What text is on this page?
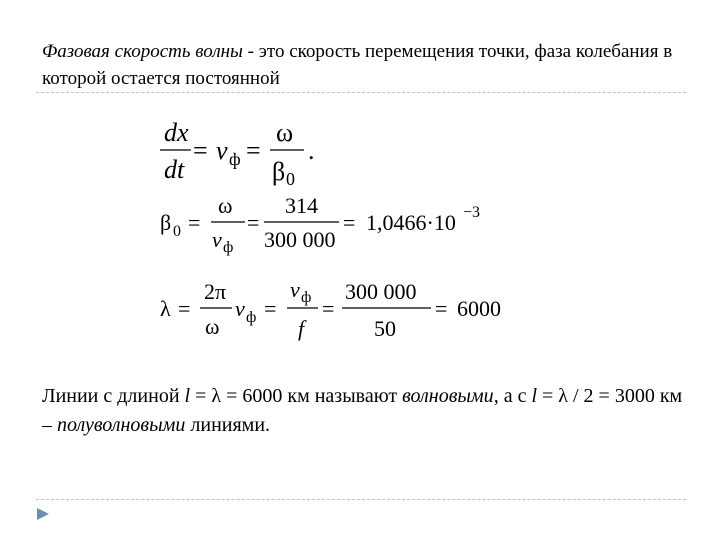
Фазовая скорость волны - это скорость перемещения точки, фаза колебания в которой остается постоянной
dx
dt
= v ф =
ω
β 0
.
β 0 =
ω
v ф
=
314
300 000
= 1,0466·10 −3
λ =
2π
ω
v ф =
v ф
f
=
300 000
50
= 6000
Линии с длиной l = λ = 6000 км называют волновыми, а с l = λ / 2 = 3000 км – полуволновыми линиями.
